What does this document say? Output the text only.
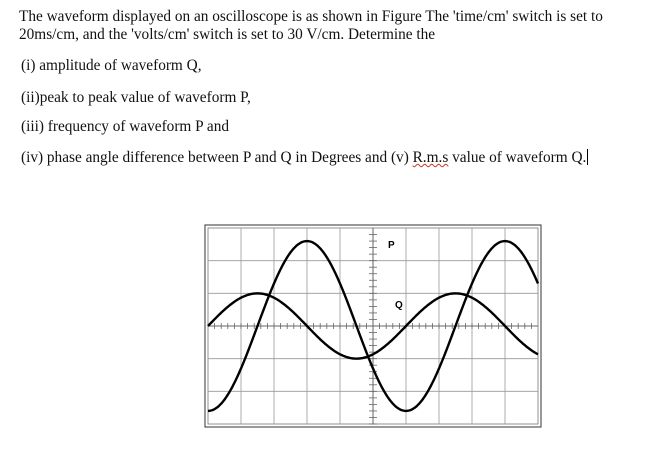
The waveform displayed on an oscilloscope is as shown in Figure The 'time/cm' switch is set to 20ms/cm, and the 'volts/cm' switch is set to 30 V/cm. Determine the
(i) amplitude of waveform Q,
(ii)peak to peak value of waveform P,
(iii) frequency of waveform P and
(iv) phase angle difference between P and Q in Degrees and (v) R.m.s value of waveform Q.
P
Q
